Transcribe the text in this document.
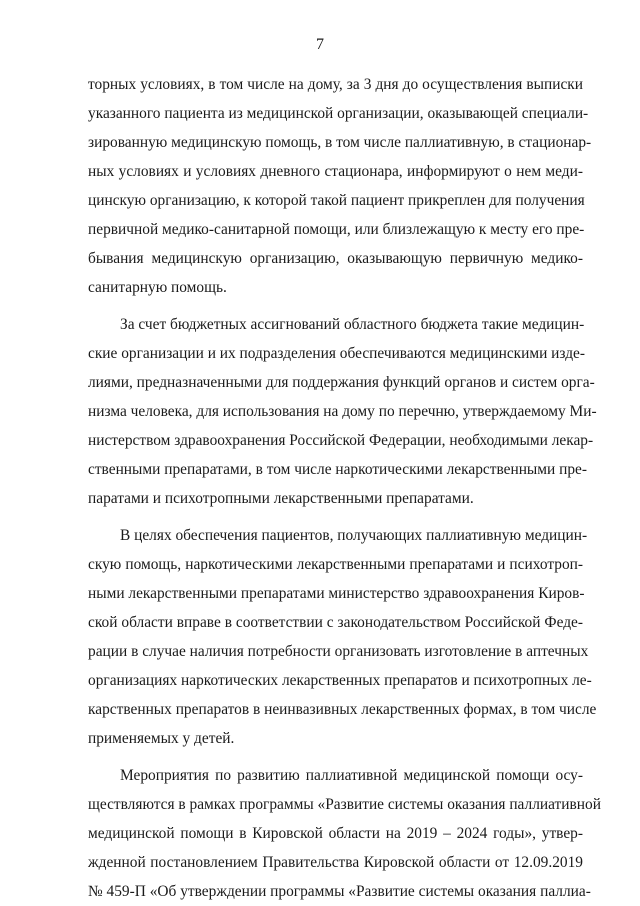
7
торных условиях, в том числе на дому, за 3 дня до осуществления выписки
указанного пациента из медицинской организации, оказывающей специали-
зированную медицинскую помощь, в том числе паллиативную, в стационар-
ных условиях и условиях дневного стационара, информируют о нем меди-
цинскую организацию, к которой такой пациент прикреплен для получения
первичной медико-санитарной помощи, или близлежащую к месту его пре-
бывания медицинскую организацию, оказывающую первичную медико-
санитарную помощь.
За счет бюджетных ассигнований областного бюджета такие медицин-
ские организации и их подразделения обеспечиваются медицинскими изде-
лиями, предназначенными для поддержания функций органов и систем орга-
низма человека, для использования на дому по перечню, утверждаемому Ми-
нистерством здравоохранения Российской Федерации, необходимыми лекар-
ственными препаратами, в том числе наркотическими лекарственными пре-
паратами и психотропными лекарственными препаратами.
В целях обеспечения пациентов, получающих паллиативную медицин-
скую помощь, наркотическими лекарственными препаратами и психотроп-
ными лекарственными препаратами министерство здравоохранения Киров-
ской области вправе в соответствии с законодательством Российской Феде-
рации в случае наличия потребности организовать изготовление в аптечных
организациях наркотических лекарственных препаратов и психотропных ле-
карственных препаратов в неинвазивных лекарственных формах, в том числе
применяемых у детей.
Мероприятия по развитию паллиативной медицинской помощи осу-
ществляются в рамках программы «Развитие системы оказания паллиативной
медицинской помощи в Кировской области на 2019 – 2024 годы», утвер-
жденной постановлением Правительства Кировской области от 12.09.2019
№ 459-П «Об утверждении программы «Развитие системы оказания паллиа-
